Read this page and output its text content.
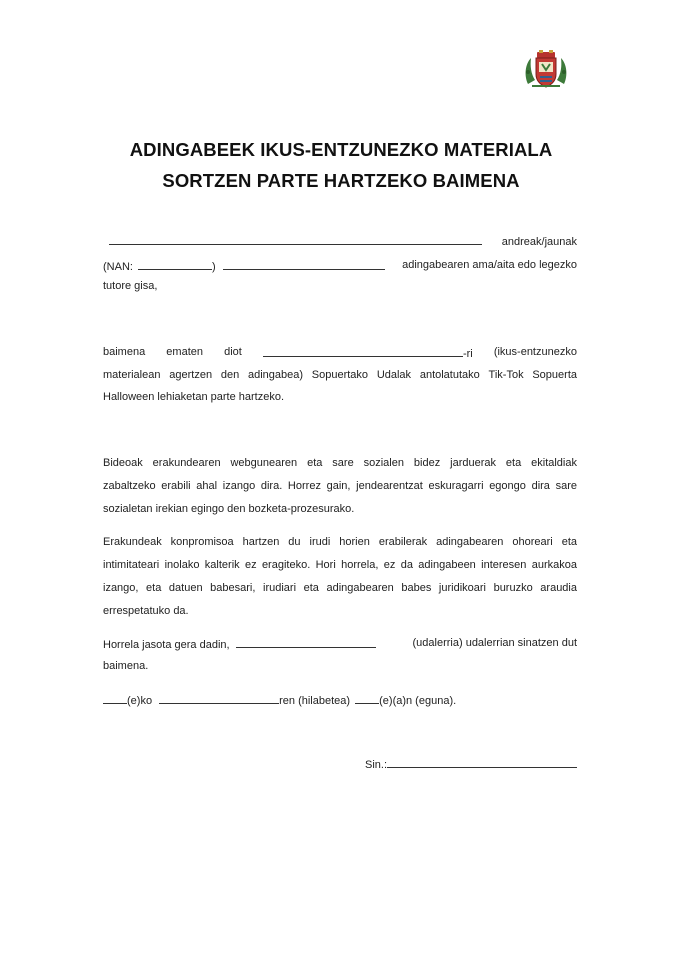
ADINGABEEK IKUS-ENTZUNEZKO MATERIALA
SORTZEN PARTE HARTZEKO BAIMENA
andreak/jaunak
(NAN:	)	adingabearen ama/aita edo legezko
tutore gisa,
baimena ematen diot	-ri (ikus-entzunezko
materialean agertzen den adingabea) Sopuertako Udalak antolatutako Tik-Tok Sopuerta
Halloween lehiaketan parte hartzeko.
Bideoak erakundearen webgunearen eta sare sozialen bidez jarduerak eta ekitaldiak
zabaltzeko erabili ahal izango dira. Horrez gain, jendearentzat eskuragarri egongo dira sare
sozialetan irekian egingo den bozketa-prozesurako.
Erakundeak konpromisoa hartzen du irudi horien erabilerak adingabearen ohoreari eta
intimitateari inolako kalterik ez eragiteko. Hori horrela, ez da adingabeen interesen aurkakoa
izango, eta datuen babesari, irudiari eta adingabearen babes juridikoari buruzko araudia
errespetatuko da.
Horrela jasota gera dadin,	(udalerria) udalerrian sinatzen dut
baimena.
(e)ko	ren (hilabetea)	(e)(a)n (eguna).
Sin.:
